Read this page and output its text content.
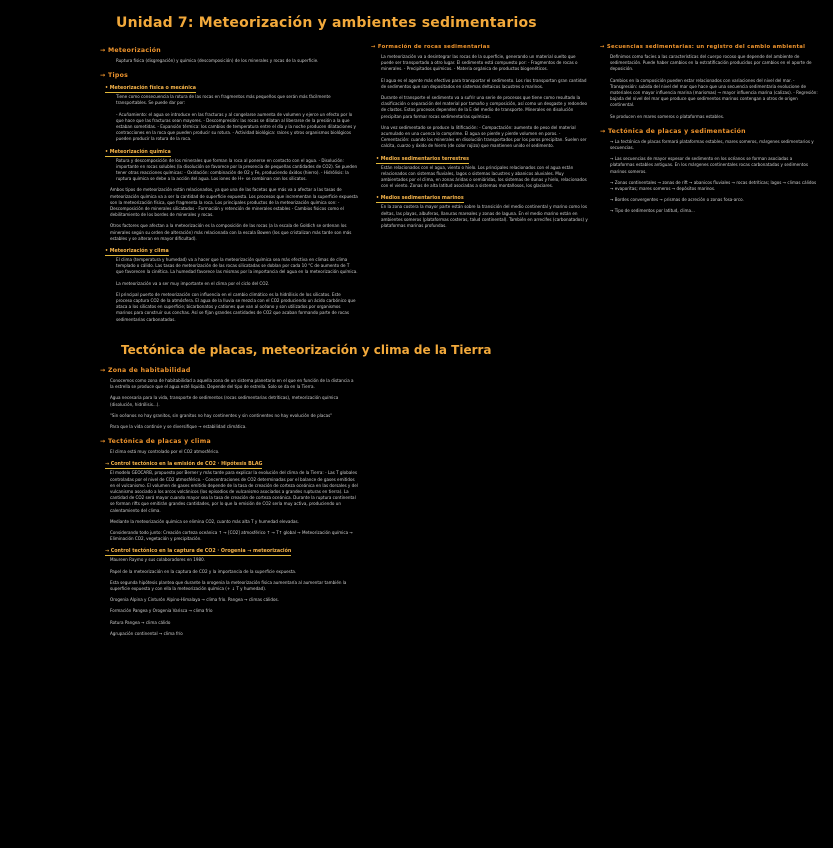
Unidad 7: Meteorización y ambientes sedimentarios
→ Meteorización
Ruptura física (disgregación) y química (descomposición) de los minerales y rocas de la superficie.
→ Tipos
• Meteorización física o mecánica
Tiene como consecuencia la rotura de las rocas en fragmentos más pequeños que serán más fácilmente transportables. Se puede dar por:
- Acuñamiento: el agua se introduce en las fracturas y al congelarse aumenta de volumen y ejerce un efecto por lo que hace que las fracturas sean mayores. - Descompresión: las rocas se dilatan al liberarse de la presión a la que estaban sometidas. - Expansión térmica: los cambios de temperatura entre el día y la noche producen dilataciones y contracciones en la roca que pueden producir su rotura. - Actividad biológica: raíces y otros organismos biológicos pueden producir la rotura de la roca.
• Meteorización química
Rotura y descomposición de los minerales que forman la roca al ponerse en contacto con el agua. - Disolución: importante en rocas solubles (la disolución se favorece por la presencia de pequeñas cantidades de CO2). Se pueden tener otras reacciones químicas: - Oxidación: combinación de O2 y Fe, produciendo óxidos (hierro). - Hidrólisis: la ruptura química se debe a la acción del agua. Los iones de H+ se combinan con los silicatos.
Ambos tipos de meteorización están relacionados, ya que una de las facetas que más va a afectar a las tasas de meteorización química va a ser la cantidad de superficie expuesta. Los procesos que incrementan la superficie expuesta son la meteorización física, que fragmenta la roca. Los principales productos de la meteorización química son: - Descomposición de minerales silicatados - Formación y retención de minerales estables - Cambios físicos como el debilitamiento de los bordes de minerales y rocas.
Otros factores que afectan a la meteorización es la composición de las rocas (a la escala de Goldich se ordenan los minerales según su orden de alteración) más relacionada con la escala Bowen (los que cristalizan más tarde son más estables y se alteran en mayor dificultad).
• Meteorización y clima
El clima (temperatura y humedad) va a hacer que la meteorización química sea más efectiva en climas de clima templado o cálido. Las tasas de meteorización de las rocas silicatadas se doblan por cada 10 °C de aumento de T que favorecen la cinética. La humedad favorece las mismas por la importancia del agua en la meteorización química.
La meteorización va a ser muy importante en el clima por el ciclo del CO2.
El principal puerto de meteorización con influencia en el cambio climático es la hidrólisis de los silicatos. Este proceso captura CO2 de la atmósfera. El agua de la lluvia se mezcla con el CO2 produciendo un ácido carbónico que ataca a los silicatos en superficie; bicarbonatos y cationes que van al océano y son utilizados por organismos marinos para construir sus conchas. Así se fijan grandes cantidades de CO2 que acaban formando parte de rocas sedimentarias carbonatadas.
Tectónica de placas, meteorización y clima de la Tierra
→ Zona de habitabilidad
Conocemos como zona de habitabilidad a aquella zona de un sistema planetario en el que en función de la distancia a la estrella se produce que el agua esté líquida. Depende del tipo de estrella. Solo se da en la Tierra.
Agua necesaria para la vida, transporte de sedimentos (rocas sedimentarias detríticas), meteorización química (disolución, hidrólisis...).
"Sin océanos no hay granitos, sin granitos no hay continentes y sin continentes no hay evolución de placas"
Para que la vida continúe y se diversifique → estabilidad climática.
→ Tectónica de placas y clima
El clima está muy controlado por el CO2 atmosférico.
→ Control tectónico en la emisión de CO2 · Hipótesis BLAG
El modelo GEOCARB, propuesto por Berner y más tarde para explicar la evolución del clima de la Tierra: - Las T globales controladas por el nivel de CO2 atmosférico. - Concentraciones de CO2 determinadas por el balance de gases emitidos en el vulcanismo. El volumen de gases emitido depende de la tasa de creación de corteza oceánica en las dorsales y del vulcanismo asociado a los arcos volcánicos (los episodios de vulcanismo asociados a grandes rupturas en tierra). La cantidad de CO2 será mayor cuando mayor sea la tasa de creación de corteza oceánica. Durante la ruptura continental se forman rifts que emitirán grandes cantidades, por lo que la emisión de CO2 sería muy activa, produciendo un calentamiento del clima.
Mediante la meteorización química se elimina CO2, cuanto más alta T y humedad elevadas.
Considerando todo junto: Creación corteza oceánica ↑ → [CO2] atmosférico ↑ → T↑ global → Meteorización química → Eliminación CO2, vegetación y precipitación.
→ Control tectónico en la captura de CO2 · Orogenia → meteorización
Maureen Raymo y sus colaboradores en 1980.
Papel de la meteorización en la captura de CO2 y la importancia de la superficie expuesta.
Esta segunda hipótesis plantea que durante la orogenia la meteorización física aumentaría al aumentar también la superficie expuesta y con ella la meteorización química (+ ↓ T y humedad).
Orogenia Alpina y Cinturón Alpino-Himalaya → clima frío. Pangea → climas cálidos.
Formación Pangea y Orogenia Varisca → clima frío
Rotura Pangea → clima cálido
Agrupación continental → clima frío
→ Formación de rocas sedimentarias
La meteorización va a desintegrar las rocas de la superficie, generando un material suelto que puede ser transportado a otro lugar. El sedimento está compuesto por: - Fragmentos de rocas o minerales. - Precipitados químicos. - Materia orgánica de productos biogenéticos.
El agua es el agente más efectivo para transportar el sedimento. Los ríos transportan gran cantidad de sedimentos que son depositados en sistemas deltaicos lacustres o marinos.
Durante el transporte el sedimento va a sufrir una serie de procesos que tiene como resultado la clasificación o separación del material por tamaño y composición, así como un desgaste y redondeo de clastos. Estos procesos dependen de la E del medio de transporte. Minerales en disolución precipitan para formar rocas sedimentarias químicas.
Una vez sedimentado se produce la litificación: - Compactación: aumento de peso del material acumulado en una cuenca lo comprime. El agua se pierde y pierde volumen en poros. - Cementación: cuando los minerales en disolución transportados por los poros precipitan. Suelen ser calcita, cuarzo y óxido de hierro (de color rojizo) que mantienen unido el sedimento.
• Medios sedimentarios terrestres
Están relacionados con el agua, viento o hielo. Los principales relacionados con el agua están relacionados con sistemas fluviales, lagos o sistemas lacustres y abanicos aluviales. Muy ambientados por el clima, en zonas áridas o semiáridas, los sistemas de dunas y hielo, relacionados con el viento. Zonas de alta latitud asociadas a sistemas montañosos, los glaciares.
• Medios sedimentarios marinos
En la zona costera la mayor parte están sobre la transición del medio continental y marino como los deltas, las playas, albuferas, llanuras mareales y zonas de laguna. En el medio marino están en ambientes someros (plataformas costeras, talud continental). También en arrecifes (carbonatados) y plataformas marinas profundas.
→ Secuencias sedimentarias: un registro del cambio ambiental
Definimos como facies a las características del cuerpo rocoso que depende del ambiente de sedimentación. Puede haber cambios en la estratificación producidos por cambios en el aporte de deposición.
Cambios en la composición pueden estar relacionados con variaciones del nivel del mar. - Transgresión: subida del nivel del mar que hace que una secuencia sedimentaria evolucione de materiales con mayor influencia marina (marismas) → mayor influencia marina (calizas). - Regresión: bajada del nivel del mar que produce que sedimentos marinos contengan a otros de origen continental.
Se producen en mares someros o plataformas estables.
→ Tectónica de placas y sedimentación
→ La tectónica de placas formará plataformas estables, mares someros, márgenes sedimentarios y secuencias.
→ Las secuencias de mayor espesor de sedimento en los océanos se forman asociadas a plataformas estables antiguas. En los márgenes continentales rocas carbonatadas y sedimentos marinos someros.
→ Zonas continentales → zonas de rift → abanicos fluviales → rocas detríticas; lagos → climas cálidos → evaporitas; mares someros → depósitos marinos.
→ Bordes convergentes → prismas de acreción o zonas fosa-arco.
→ Tipo de sedimentos por latitud, clima...
